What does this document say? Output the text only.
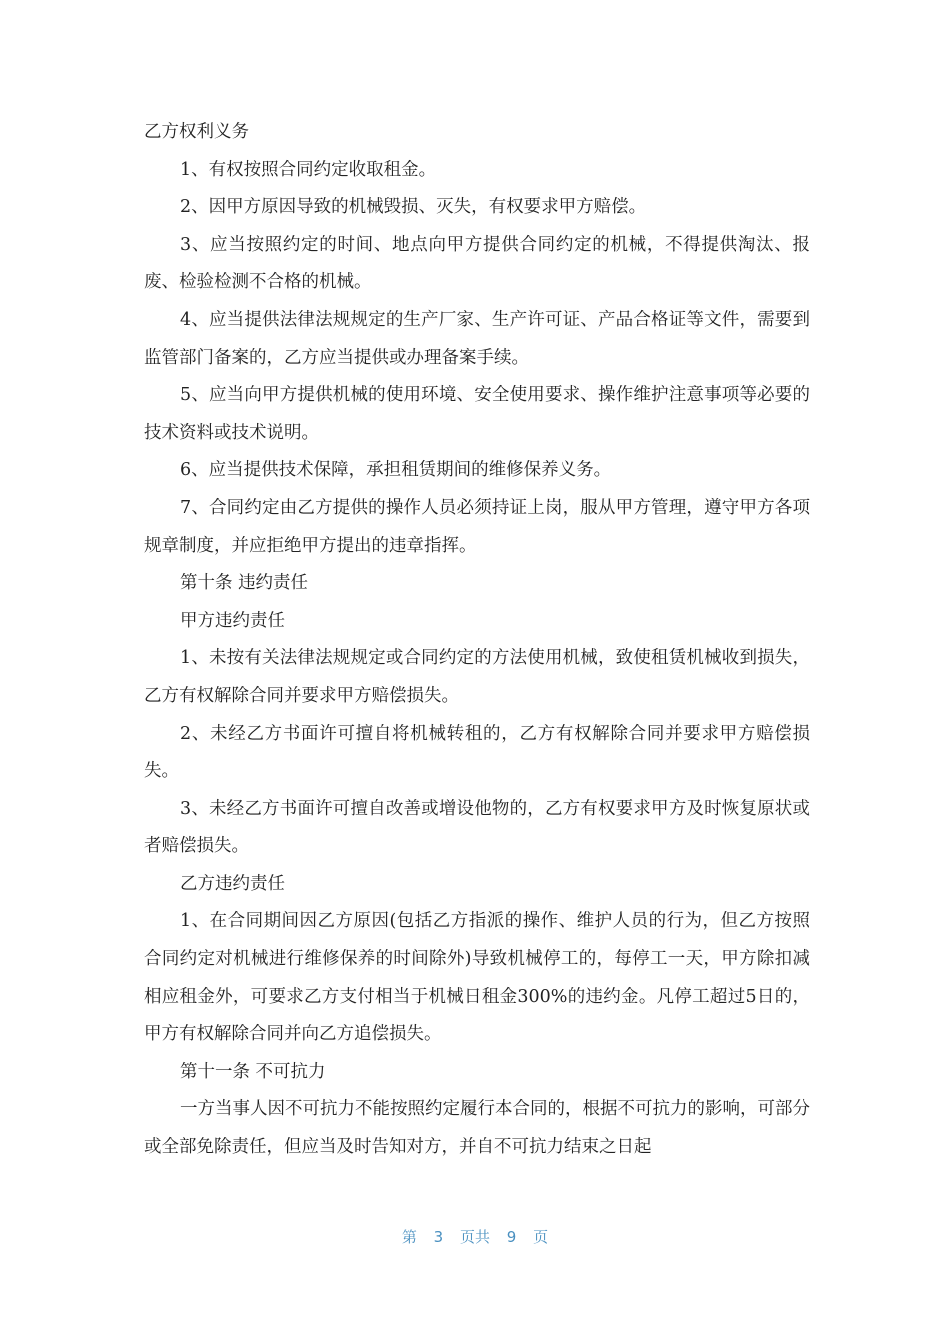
乙方权利义务

1、有权按照合同约定收取租金。

2、因甲方原因导致的机械毁损、灭失，有权要求甲方赔偿。

3、应当按照约定的时间、地点向甲方提供合同约定的机械，不得提供淘汰、报废、检验检测不合格的机械。

4、应当提供法律法规规定的生产厂家、生产许可证、产品合格证等文件，需要到监管部门备案的，乙方应当提供或办理备案手续。

5、应当向甲方提供机械的使用环境、安全使用要求、操作维护注意事项等必要的技术资料或技术说明。

6、应当提供技术保障，承担租赁期间的维修保养义务。

7、合同约定由乙方提供的操作人员必须持证上岗，服从甲方管理，遵守甲方各项规章制度，并应拒绝甲方提出的违章指挥。

第十条 违约责任

甲方违约责任

1、未按有关法律法规规定或合同约定的方法使用机械，致使租赁机械收到损失，乙方有权解除合同并要求甲方赔偿损失。

2、未经乙方书面许可擅自将机械转租的，乙方有权解除合同并要求甲方赔偿损失。

3、未经乙方书面许可擅自改善或增设他物的，乙方有权要求甲方及时恢复原状或者赔偿损失。

乙方违约责任

1、在合同期间因乙方原因(包括乙方指派的操作、维护人员的行为，但乙方按照合同约定对机械进行维修保养的时间除外)导致机械停工的，每停工一天，甲方除扣减相应租金外，可要求乙方支付相当于机械日租金300%的违约金。凡停工超过5日的，甲方有权解除合同并向乙方追偿损失。

第十一条 不可抗力

一方当事人因不可抗力不能按照约定履行本合同的，根据不可抗力的影响，可部分或全部免除责任，但应当及时告知对方，并自不可抗力结束之日起

第 3 页共 9 页
